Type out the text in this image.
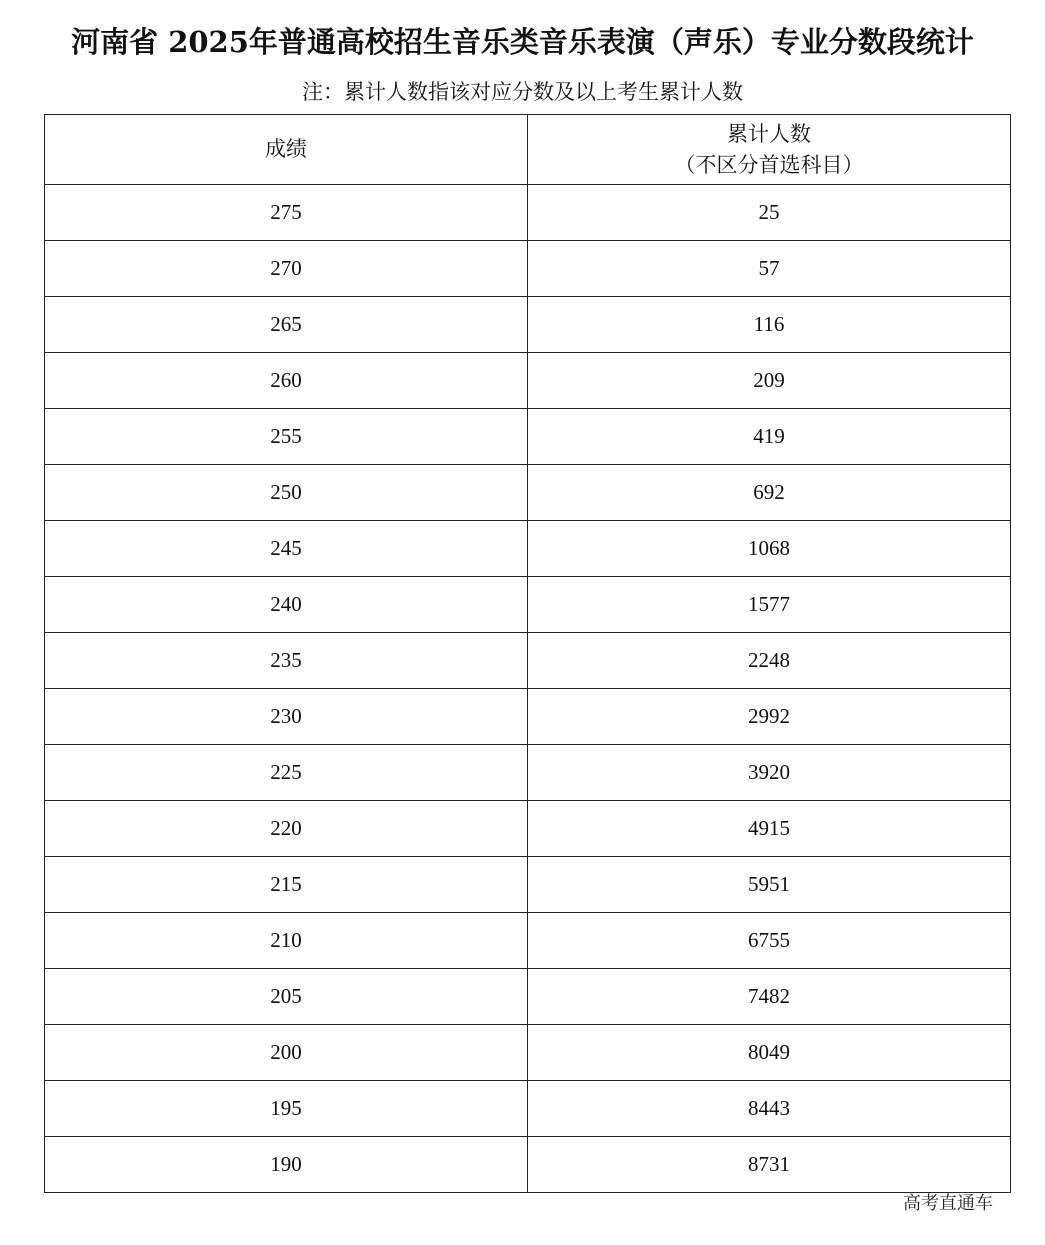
河南省 2025年普通高校招生音乐类音乐表演（声乐）专业分数段统计
注：累计人数指该对应分数及以上考生累计人数
成绩	累计人数
（不区分首选科目）

275	25
270	57
265	116
260	209
255	419
250	692
245	1068
240	1577
235	2248
230	2992
225	3920
220	4915
215	5951
210	6755
205	7482
200	8049
195	8443
190	8731
高考直通车
